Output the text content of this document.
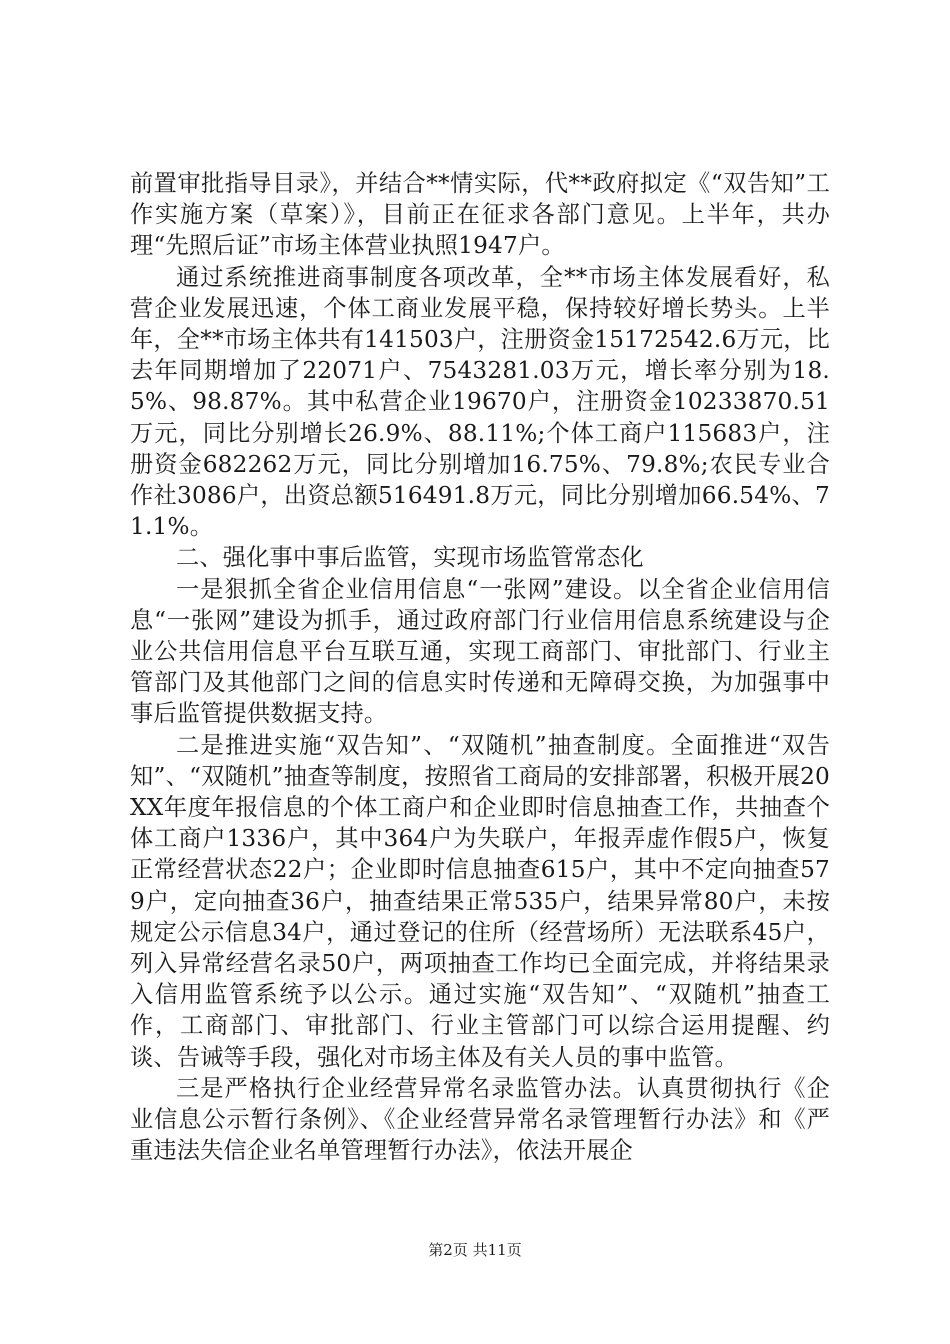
前置审批指导目录》，并结合**情实际，代**政府拟定《“双告知”工作实施方案（草案）》，目前正在征求各部门意见。上半年，共办理“先照后证”市场主体营业执照1947户。

通过系统推进商事制度各项改革，全**市场主体发展看好，私营企业发展迅速，个体工商业发展平稳，保持较好增长势头。上半年，全**市场主体共有141503户，注册资金15172542.6万元，比去年同期增加了22071户、7543281.03万元，增长率分别为18.5%、98.87%。其中私营企业19670户，注册资金10233870.51万元，同比分别增长26.9%、88.11%;个体工商户115683户，注册资金682262万元，同比分别增加16.75%、79.8%;农民专业合作社3086户，出资总额516491.8万元，同比分别增加66.54%、71.1%。

二、强化事中事后监管，实现市场监管常态化

一是狠抓全省企业信用信息“一张网”建设。以全省企业信用信息“一张网”建设为抓手，通过政府部门行业信用信息系统建设与企业公共信用信息平台互联互通，实现工商部门、审批部门、行业主管部门及其他部门之间的信息实时传递和无障碍交换，为加强事中事后监管提供数据支持。

二是推进实施“双告知”、“双随机”抽查制度。全面推进“双告知”、“双随机”抽查等制度，按照省工商局的安排部署，积极开展20XX年度年报信息的个体工商户和企业即时信息抽查工作，共抽查个体工商户1336户，其中364户为失联户，年报弄虚作假5户，恢复正常经营状态22户；企业即时信息抽查615户，其中不定向抽查579户，定向抽查36户，抽查结果正常535户，结果异常80户，未按规定公示信息34户，通过登记的住所（经营场所）无法联系45户，列入异常经营名录50户，两项抽查工作均已全面完成，并将结果录入信用监管系统予以公示。通过实施“双告知”、“双随机”抽查工作，工商部门、审批部门、行业主管部门可以综合运用提醒、约谈、告诫等手段，强化对市场主体及有关人员的事中监管。

三是严格执行企业经营异常名录监管办法。认真贯彻执行《企业信息公示暂行条例》、《企业经营异常名录管理暂行办法》和《严重违法失信企业名单管理暂行办法》，依法开展企

第2页 共11页
